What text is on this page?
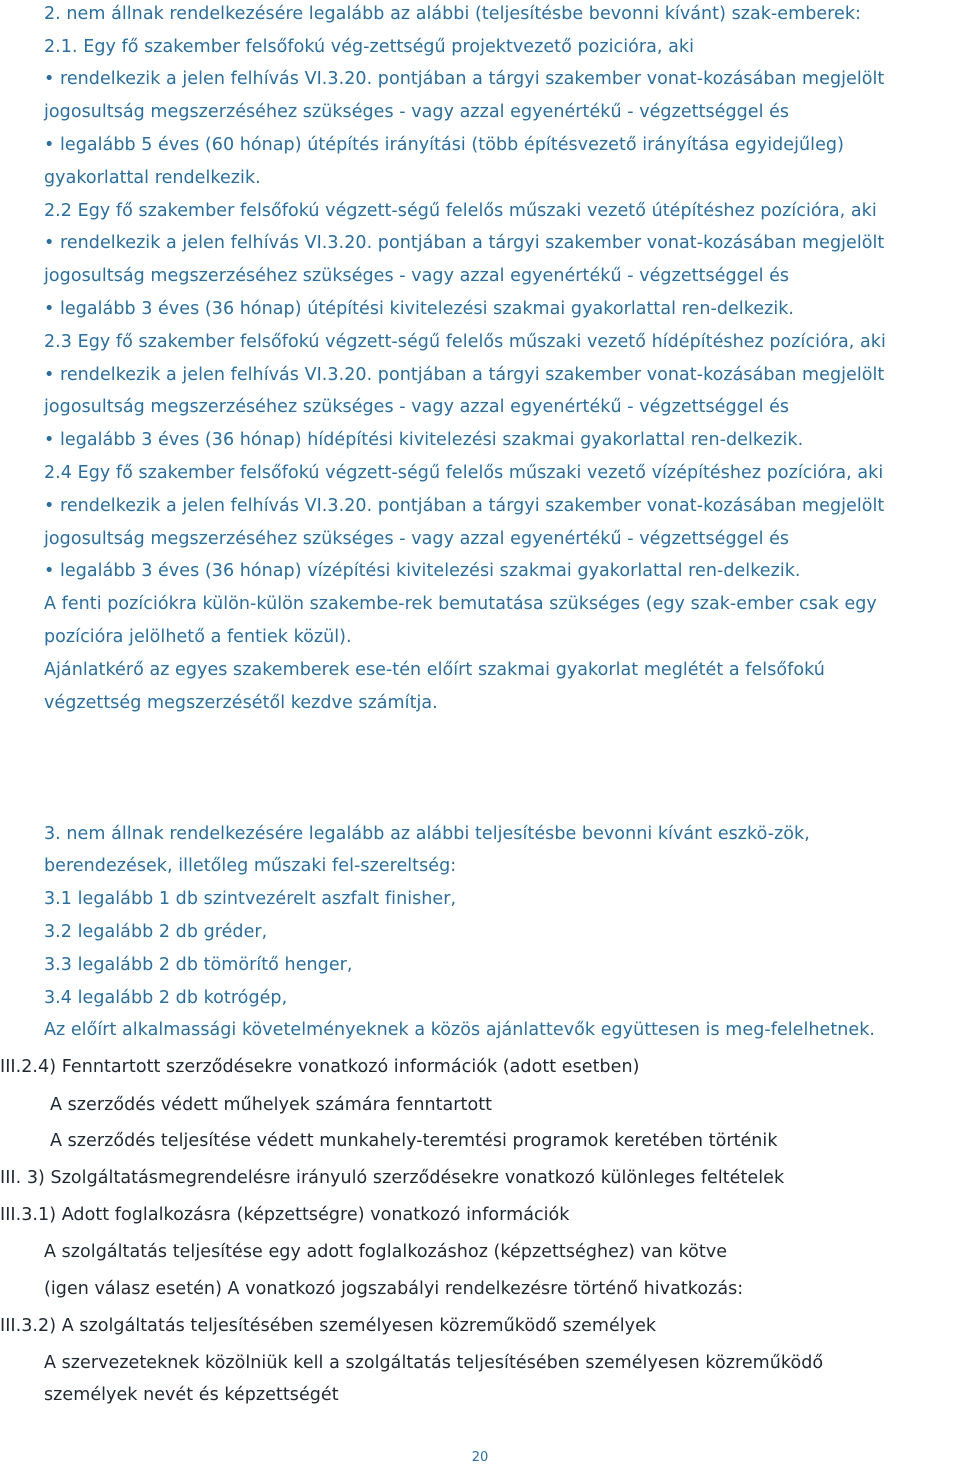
2. nem állnak rendelkezésére legalább az alábbi (teljesítésbe bevonni kívánt) szak-emberek:
2.1. Egy fő szakember felsőfokú vég-zettségű projektvezető pozicióra, aki
• rendelkezik a jelen felhívás VI.3.20. pontjában a tárgyi szakember vonat-kozásában megjelölt
jogosultság megszerzéséhez szükséges - vagy azzal egyenértékű - végzettséggel és
• legalább 5 éves (60 hónap) útépítés irányítási (több építésvezető irányítása egyidejűleg)
gyakorlattal rendelkezik.
2.2 Egy fő szakember felsőfokú végzett-ségű felelős műszaki vezető útépítéshez pozícióra, aki
• rendelkezik a jelen felhívás VI.3.20. pontjában a tárgyi szakember vonat-kozásában megjelölt
jogosultság megszerzéséhez szükséges - vagy azzal egyenértékű - végzettséggel és
• legalább 3 éves (36 hónap) útépítési kivitelezési szakmai gyakorlattal ren-delkezik.
2.3 Egy fő szakember felsőfokú végzett-ségű felelős műszaki vezető hídépítéshez pozícióra, aki
• rendelkezik a jelen felhívás VI.3.20. pontjában a tárgyi szakember vonat-kozásában megjelölt
jogosultság megszerzéséhez szükséges - vagy azzal egyenértékű - végzettséggel és
• legalább 3 éves (36 hónap) hídépítési kivitelezési szakmai gyakorlattal ren-delkezik.
2.4 Egy fő szakember felsőfokú végzett-ségű felelős műszaki vezető vízépítéshez pozícióra, aki
• rendelkezik a jelen felhívás VI.3.20. pontjában a tárgyi szakember vonat-kozásában megjelölt
jogosultság megszerzéséhez szükséges - vagy azzal egyenértékű - végzettséggel és
• legalább 3 éves (36 hónap) vízépítési kivitelezési szakmai gyakorlattal ren-delkezik.
A fenti pozíciókra külön-külön szakembe-rek bemutatása szükséges (egy szak-ember csak egy
pozícióra jelölhető a fentiek közül).
Ajánlatkérő az egyes szakemberek ese-tén előírt szakmai gyakorlat meglétét a felsőfokú
végzettség megszerzésétől kezdve számítja.
3. nem állnak rendelkezésére legalább az alábbi teljesítésbe bevonni kívánt eszkö-zök,
berendezések, illetőleg műszaki fel-szereltség:
3.1 legalább 1 db szintvezérelt aszfalt finisher,
3.2 legalább 2 db gréder,
3.3 legalább 2 db tömörítő henger,
3.4 legalább 2 db kotrógép,
Az előírt alkalmassági követelményeknek a közös ajánlattevők együttesen is meg-felelhetnek.
III.2.4) Fenntartott szerződésekre vonatkozó információk (adott esetben)
A szerződés védett műhelyek számára fenntartott
A szerződés teljesítése védett munkahely-teremtési programok keretében történik
III. 3) Szolgáltatásmegrendelésre irányuló szerződésekre vonatkozó különleges feltételek
III.3.1) Adott foglalkozásra (képzettségre) vonatkozó információk
A szolgáltatás teljesítése egy adott foglalkozáshoz (képzettséghez) van kötve
(igen válasz esetén) A vonatkozó jogszabályi rendelkezésre történő hivatkozás:
III.3.2) A szolgáltatás teljesítésében személyesen közreműködő személyek
A szervezeteknek közölniük kell a szolgáltatás teljesítésében személyesen közreműködő
személyek nevét és képzettségét
20
